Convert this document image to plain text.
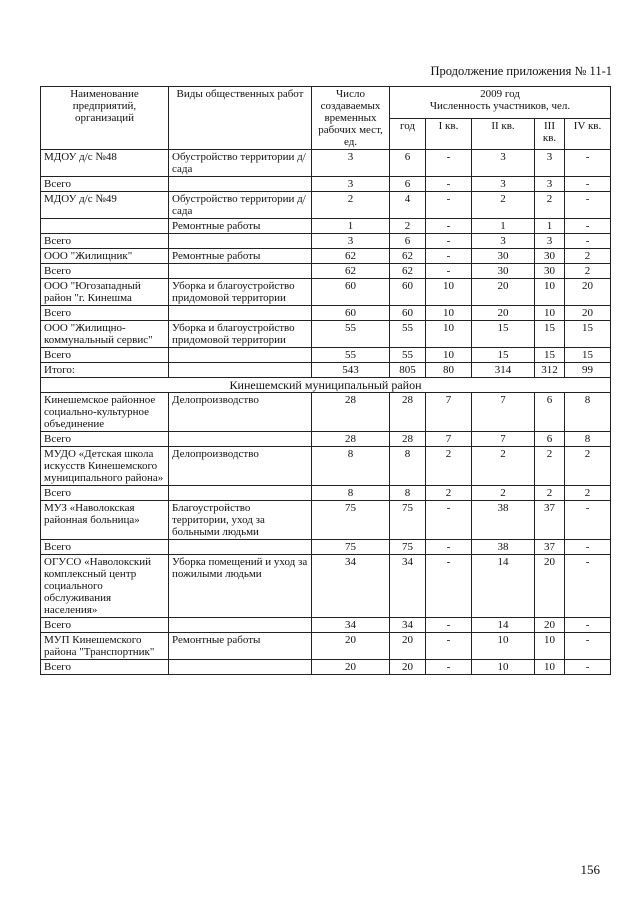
Продолжение приложения № 11-1
Наименование предприятий, организаций	Виды общественных работ	Число создаваемых временных рабочих мест, ед.	2009 год
Численность участников, чел.				

			год	I кв.	II кв.	III кв.	IV кв.
МДОУ д/с №48	Обустройство территории д/сада	3	6	-	3	3	-
Всего		3	6	-	3	3	-
МДОУ д/с №49	Обустройство территории д/сада	2	4	-	2	2	-
	Ремонтные работы	1	2	-	1	1	-
Всего		3	6	-	3	3	-
ООО "Жилищник"	Ремонтные работы	62	62	-	30	30	2
Всего		62	62	-	30	30	2
ООО "Югозападный район "г. Кинешма	Уборка и благоустройство придомовой территории	60	60	10	20	10	20
Всего		60	60	10	20	10	20
ООО "Жилищно-коммунальный сервис"	Уборка и благоустройство придомовой территории	55	55	10	15	15	15
Всего		55	55	10	15	15	15
Итого:		543	805	80	314	312	99
Кинешемский муниципальный район							
Кинешемское районное социально-культурное объединение	Делопроизводство	28	28	7	7	6	8
Всего		28	28	7	7	6	8
МУДО «Детская школа искусств Кинешемского муниципального района»	Делопроизводство	8	8	2	2	2	2
Всего		8	8	2	2	2	2
МУЗ «Наволокская районная больница»	Благоустройство территории, уход за больными людьми	75	75	-	38	37	-
Всего		75	75	-	38	37	-
ОГУСО «Наволокский комплексный центр социального обслуживания населения»	Уборка помещений и уход за пожилыми людьми	34	34	-	14	20	-
Всего		34	34	-	14	20	-
МУП Кинешемского района "Транспортник"	Ремонтные работы	20	20	-	10	10	-
Всего		20	20	-	10	10	-
156
